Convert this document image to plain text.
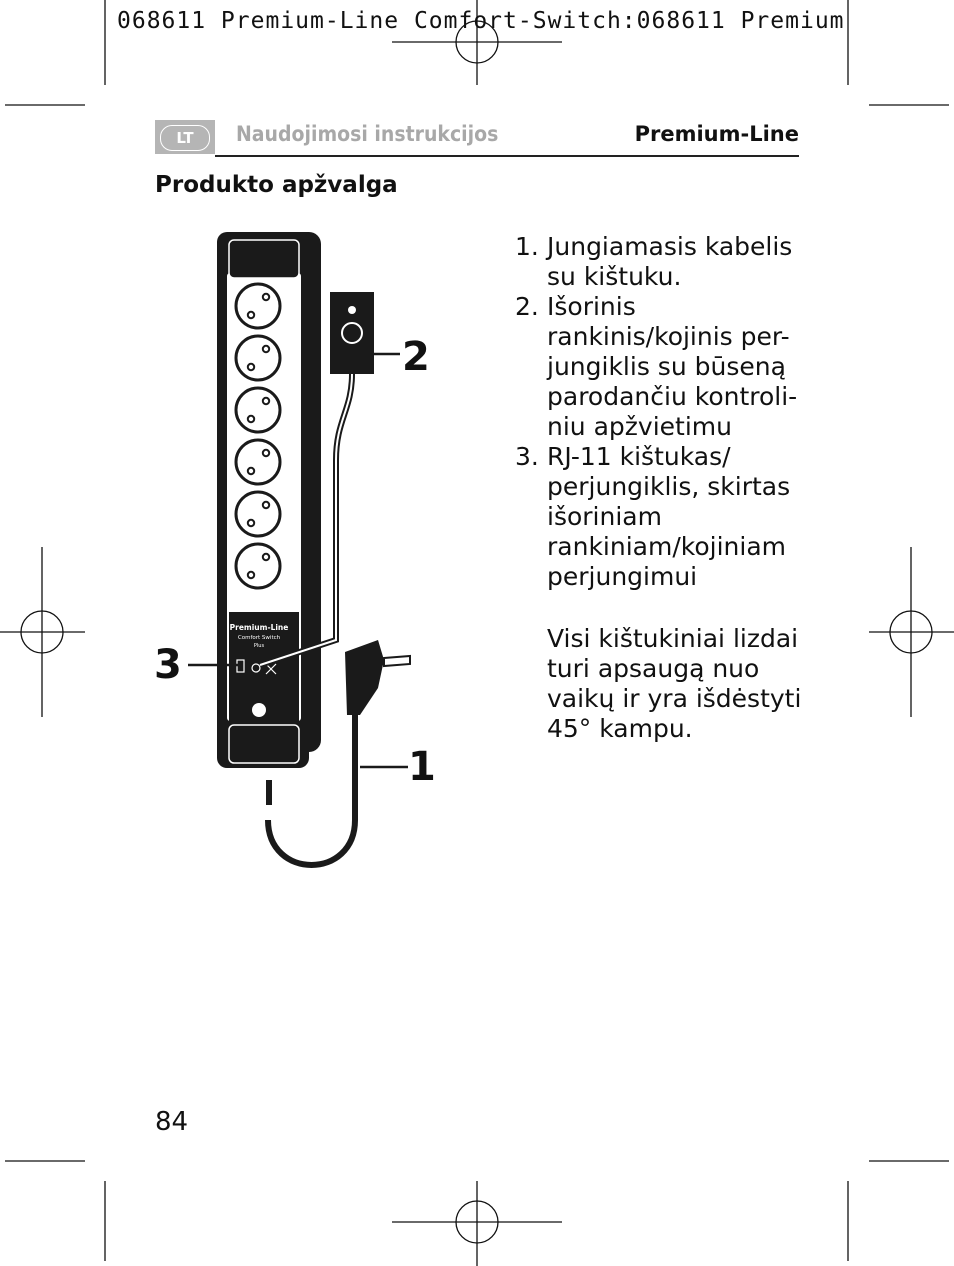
068611 Premium-Line Comfort-Switch:068611 Premium
LT	Naudojimosi instrukcijos	Premium-Line
Produkto apžvalga
Premium-Line
Comfort Switch
Plus
2
3
1
1. Jungiamasis kabelis su kištuku.
2. Išorinis rankinis/kojinis per-jungiklis su būseną parodančiu kontroli-niu apžvietimu
3. RJ-11 kištukas/ perjungiklis, skirtas išoriniam rankiniam/kojiniam perjungimui
Visi kištukiniai lizdai turi apsaugą nuo vaikų ir yra išdėstyti 45° kampu.
84
